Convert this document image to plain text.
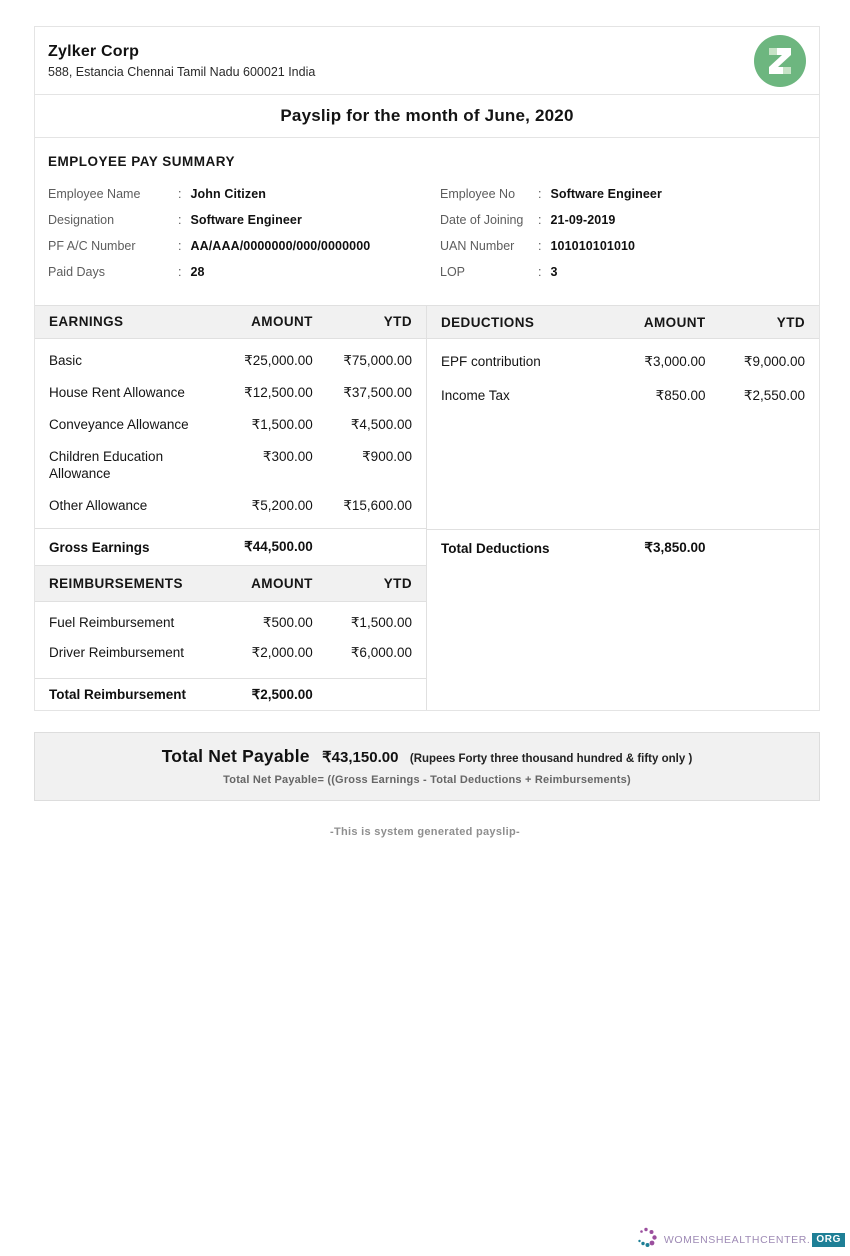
Zylker Corp
588, Estancia Chennai Tamil Nadu 600021 India
Payslip for the month of June, 2020
EMPLOYEE PAY SUMMARY
Employee Name	: John Citizen
Designation	: Software Engineer
PF A/C Number	: AA/AAA/0000000/000/0000000
Paid Days	: 28
Employee No	: Software Engineer
Date of Joining	: 21-09-2019
UAN Number	: 101010101010
LOP	: 3
EARNINGS	AMOUNT	YTD
Basic	₹25,000.00	₹75,000.00
House Rent Allowance	₹12,500.00	₹37,500.00
Conveyance Allowance	₹1,500.00	₹4,500.00
Children Education Allowance
₹300.00	₹900.00
Other Allowance	₹5,200.00	₹15,600.00
Gross Earnings	₹44,500.00
REIMBURSEMENTS	AMOUNT	YTD
Fuel Reimbursement	₹500.00	₹1,500.00
Driver Reimbursement	₹2,000.00	₹6,000.00
Total Reimbursement	₹2,500.00
DEDUCTIONS	AMOUNT	YTD
EPF contribution	₹3,000.00	₹9,000.00
Income Tax	₹850.00	₹2,550.00
Total Deductions	₹3,850.00
Total Net Payable ₹43,150.00 (Rupees Forty three thousand hundred & fifty only )
Total Net Payable= ((Gross Earnings - Total Deductions + Reimbursements)
-This is system generated payslip-
WOMENSHEALTHCENTER. ORG
